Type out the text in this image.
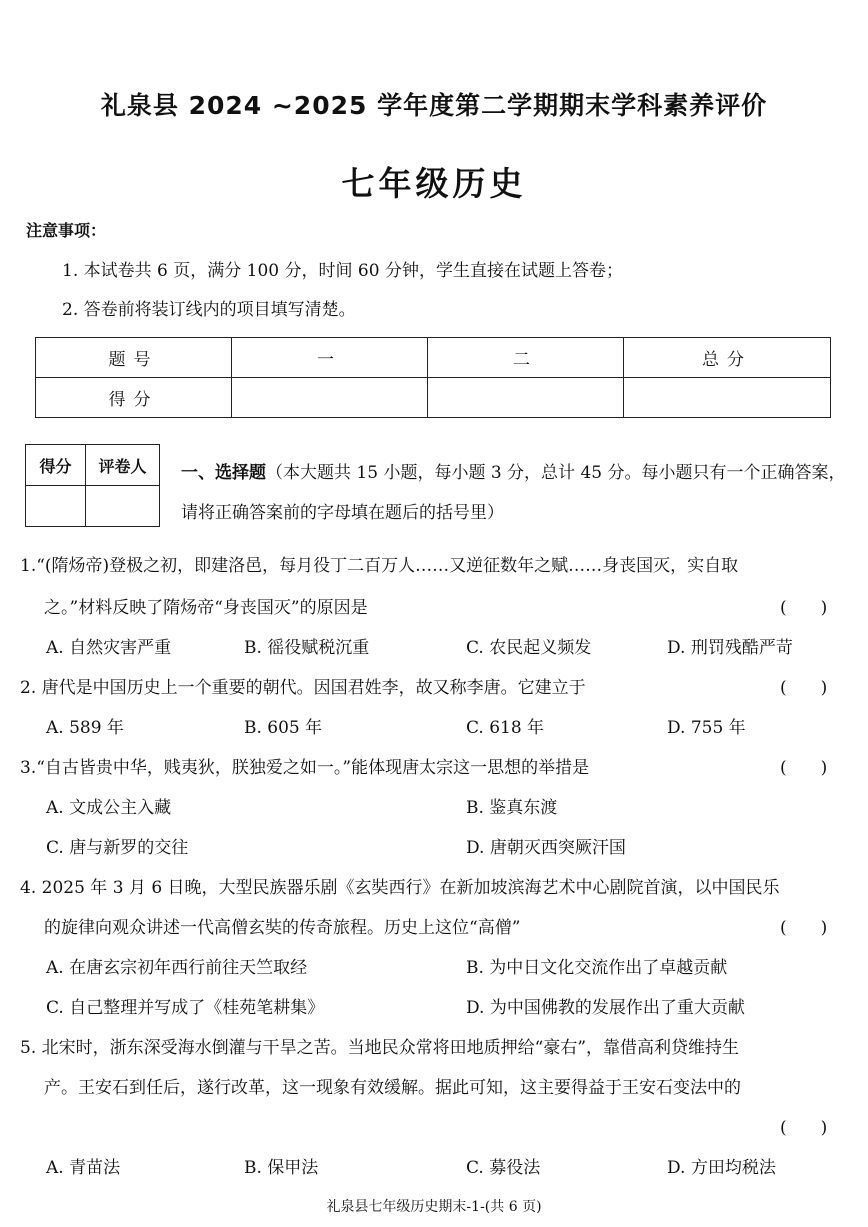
礼泉县 2024 ~2025 学年度第二学期期末学科素养评价
七年级历史
注意事项：
1. 本试卷共 6 页，满分 100 分，时间 60 分钟，学生直接在试题上答卷；
2. 答卷前将装订线内的项目填写清楚。
题号	一	二	总分
得分			
得分	评卷人
	一、选择题（本大题共 15 小题，每小题 3 分，总计 45 分。每小题只有一个正确答案，请将正确答案前的字母填在题后的括号里）
1.“(隋炀帝)登极之初，即建洛邑，每月役丁二百万人……又逆征数年之赋……身丧国灭，实自取
之。”材料反映了隋炀帝“身丧国灭”的原因是	(　　)
A. 自然灾害严重	B. 徭役赋税沉重	C. 农民起义频发	D. 刑罚残酷严苛
2. 唐代是中国历史上一个重要的朝代。因国君姓李，故又称李唐。它建立于	(　　)
A. 589 年	B. 605 年	C. 618 年	D. 755 年
3.“自古皆贵中华，贱夷狄，朕独爱之如一。”能体现唐太宗这一思想的举措是	(　　)
A. 文成公主入藏	B. 鉴真东渡
C. 唐与新罗的交往	D. 唐朝灭西突厥汗国
4. 2025 年 3 月 6 日晚，大型民族器乐剧《玄奘西行》在新加坡滨海艺术中心剧院首演，以中国民乐
的旋律向观众讲述一代高僧玄奘的传奇旅程。历史上这位“高僧”	(　　)
A. 在唐玄宗初年西行前往天竺取经	B. 为中日文化交流作出了卓越贡献
C. 自己整理并写成了《桂苑笔耕集》	D. 为中国佛教的发展作出了重大贡献
5. 北宋时，浙东深受海水倒灌与干旱之苦。当地民众常将田地质押给“豪右”，靠借高利贷维持生
产。王安石到任后，遂行改革，这一现象有效缓解。据此可知，这主要得益于王安石变法中的
(　　)
A. 青苗法	B. 保甲法	C. 募役法	D. 方田均税法
礼泉县七年级历史期末-1-(共 6 页)
